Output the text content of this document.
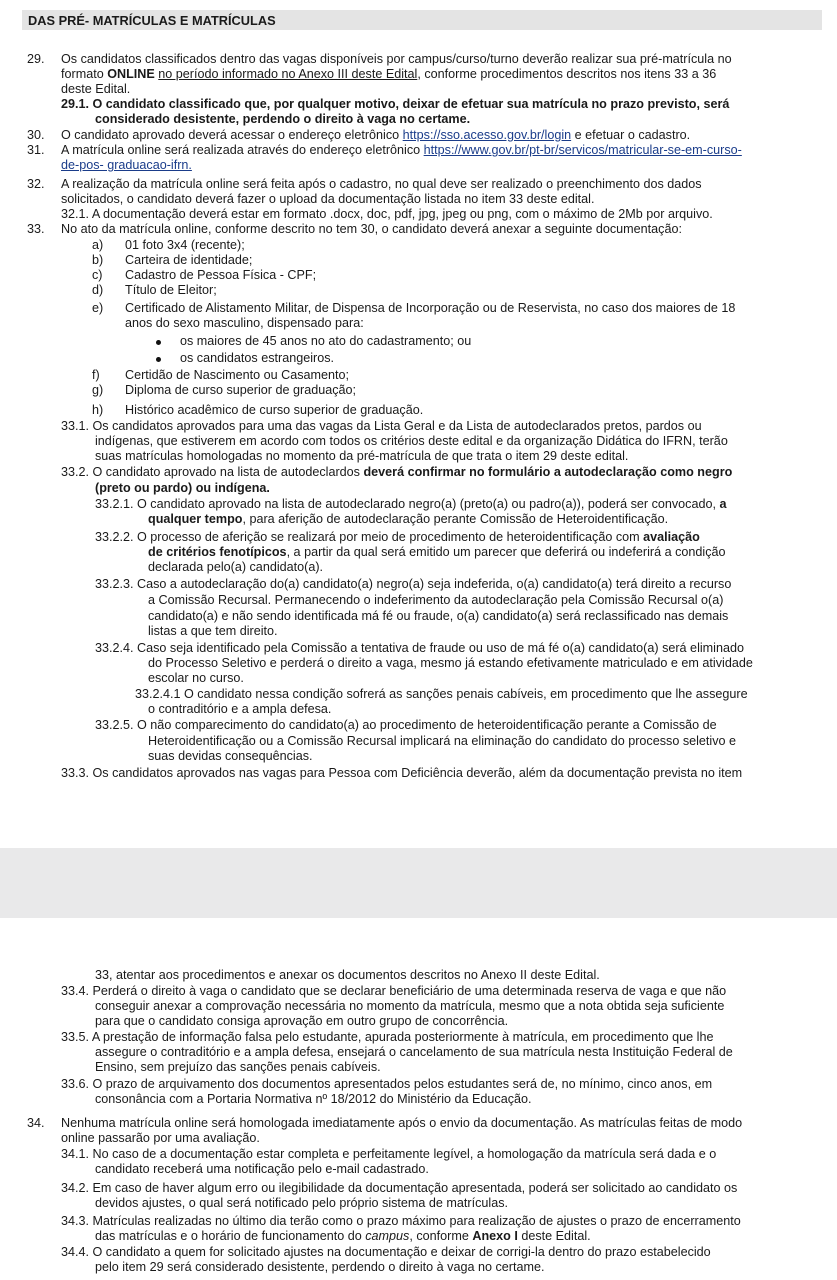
DAS PRÉ- MATRÍCULAS E MATRÍCULAS
29. Os candidatos classificados dentro das vagas disponíveis por campus/curso/turno deverão realizar sua pré-matrícula no
formato ONLINE no período informado no Anexo III deste Edital, conforme procedimentos descritos nos itens 33 a 36
deste Edital.
29.1. O candidato classificado que, por qualquer motivo, deixar de efetuar sua matrícula no prazo previsto, será
considerado desistente, perdendo o direito à vaga no certame.
30. O candidato aprovado deverá acessar o endereço eletrônico https://sso.acesso.gov.br/login e efetuar o cadastro.
31. A matrícula online será realizada através do endereço eletrônico https://www.gov.br/pt-br/servicos/matricular-se-em-curso-
de-pos- graduacao-ifrn.
32. A realização da matrícula online será feita após o cadastro, no qual deve ser realizado o preenchimento dos dados
solicitados, o candidato deverá fazer o upload da documentação listada no item 33 deste edital.
32.1. A documentação deverá estar em formato .docx, doc, pdf, jpg, jpeg ou png, com o máximo de 2Mb por arquivo.
33. No ato da matrícula online, conforme descrito no tem 30, o candidato deverá anexar a seguinte documentação:
a) 01 foto 3x4 (recente);
b) Carteira de identidade;
c) Cadastro de Pessoa Física - CPF;
d) Título de Eleitor;
e) Certificado de Alistamento Militar, de Dispensa de Incorporação ou de Reservista, no caso dos maiores de 18
anos do sexo masculino, dispensado para:
os maiores de 45 anos no ato do cadastramento; ou
os candidatos estrangeiros.
f) Certidão de Nascimento ou Casamento;
g) Diploma de curso superior de graduação;
h) Histórico acadêmico de curso superior de graduação.
33.1. Os candidatos aprovados para uma das vagas da Lista Geral e da Lista de autodeclarados pretos, pardos ou
indígenas, que estiverem em acordo com todos os critérios deste edital e da organização Didática do IFRN, terão
suas matrículas homologadas no momento da pré-matrícula de que trata o item 29 deste edital.
33.2. O candidato aprovado na lista de autodeclardos deverá confirmar no formulário a autodeclaração como negro
(preto ou pardo) ou indígena.
33.2.1. O candidato aprovado na lista de autodeclarado negro(a) (preto(a) ou padro(a)), poderá ser convocado, a
qualquer tempo, para aferição de autodeclaração perante Comissão de Heteroidentificação.
33.2.2. O processo de aferição se realizará por meio de procedimento de heteroidentificação com avaliação
de critérios fenotípicos, a partir da qual será emitido um parecer que deferirá ou indeferirá a condição
declarada pelo(a) candidato(a).
33.2.3. Caso a autodeclaração do(a) candidato(a) negro(a) seja indeferida, o(a) candidato(a) terá direito a recurso
a Comissão Recursal. Permanecendo o indeferimento da autodeclaração pela Comissão Recursal o(a)
candidato(a) e não sendo identificada má fé ou fraude, o(a) candidato(a) será reclassificado nas demais
listas a que tem direito.
33.2.4. Caso seja identificado pela Comissão a tentativa de fraude ou uso de má fé o(a) candidato(a) será eliminado
do Processo Seletivo e perderá o direito a vaga, mesmo já estando efetivamente matriculado e em atividade
escolar no curso.
33.2.4.1 O candidato nessa condição sofrerá as sanções penais cabíveis, em procedimento que lhe assegure
o contraditório e a ampla defesa.
33.2.5. O não comparecimento do candidato(a) ao procedimento de heteroidentificação perante a Comissão de
Heteroidentificação ou a Comissão Recursal implicará na eliminação do candidato do processo seletivo e
suas devidas consequências.
33.3. Os candidatos aprovados nas vagas para Pessoa com Deficiência deverão, além da documentação prevista no item
33, atentar aos procedimentos e anexar os documentos descritos no Anexo II deste Edital.
33.4. Perderá o direito à vaga o candidato que se declarar beneficiário de uma determinada reserva de vaga e que não
conseguir anexar a comprovação necessária no momento da matrícula, mesmo que a nota obtida seja suficiente
para que o candidato consiga aprovação em outro grupo de concorrência.
33.5. A prestação de informação falsa pelo estudante, apurada posteriormente à matrícula, em procedimento que lhe
assegure o contraditório e a ampla defesa, ensejará o cancelamento de sua matrícula nesta Instituição Federal de
Ensino, sem prejuízo das sanções penais cabíveis.
33.6. O prazo de arquivamento dos documentos apresentados pelos estudantes será de, no mínimo, cinco anos, em
consonância com a Portaria Normativa nº 18/2012 do Ministério da Educação.
34. Nenhuma matrícula online será homologada imediatamente após o envio da documentação. As matrículas feitas de modo
online passarão por uma avaliação.
34.1. No caso de a documentação estar completa e perfeitamente legível, a homologação da matrícula será dada e o
candidato receberá uma notificação pelo e-mail cadastrado.
34.2. Em caso de haver algum erro ou ilegibilidade da documentação apresentada, poderá ser solicitado ao candidato os
devidos ajustes, o qual será notificado pelo próprio sistema de matrículas.
34.3. Matrículas realizadas no último dia terão como o prazo máximo para realização de ajustes o prazo de encerramento
das matrículas e o horário de funcionamento do campus, conforme Anexo I deste Edital.
34.4. O candidato a quem for solicitado ajustes na documentação e deixar de corrigi-la dentro do prazo estabelecido
pelo item 29 será considerado desistente, perdendo o direito à vaga no certame.
